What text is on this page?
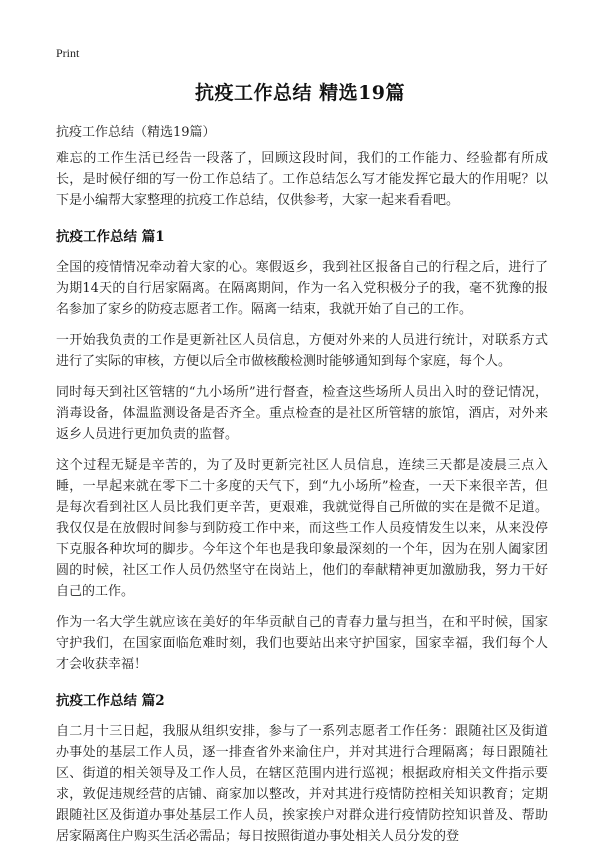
Print
抗疫工作总结 精选19篇
抗疫工作总结（精选19篇）

难忘的工作生活已经告一段落了，回顾这段时间，我们的工作能力、经验都有所成长，是时候仔细的写一份工作总结了。工作总结怎么写才能发挥它最大的作用呢？以下是小编帮大家整理的抗疫工作总结，仅供参考，大家一起来看看吧。

抗疫工作总结 篇1

全国的疫情情况牵动着大家的心。寒假返乡，我到社区报备自己的行程之后，进行了为期14天的自行居家隔离。在隔离期间，作为一名入党积极分子的我，毫不犹豫的报名参加了家乡的防疫志愿者工作。隔离一结束，我就开始了自己的工作。

一开始我负责的工作是更新社区人员信息，方便对外来的人员进行统计，对联系方式进行了实际的审核，方便以后全市做核酸检测时能够通知到每个家庭，每个人。

同时每天到社区管辖的“九小场所”进行督查，检查这些场所人员出入时的登记情况，消毒设备，体温监测设备是否齐全。重点检查的是社区所管辖的旅馆，酒店，对外来返乡人员进行更加负责的监督。

这个过程无疑是辛苦的，为了及时更新完社区人员信息，连续三天都是凌晨三点入睡，一早起来就在零下二十多度的天气下，到“九小场所”检查，一天下来很辛苦，但是每次看到社区人员比我们更辛苦，更艰难，我就觉得自己所做的实在是微不足道。我仅仅是在放假时间参与到防疫工作中来，而这些工作人员疫情发生以来，从来没停下克服各种坎坷的脚步。今年这个年也是我印象最深刻的一个年，因为在别人阖家团圆的时候，社区工作人员仍然坚守在岗站上，他们的奉献精神更加激励我，努力干好自己的工作。

作为一名大学生就应该在美好的年华贡献自己的青春力量与担当，在和平时候，国家守护我们，在国家面临危难时刻，我们也要站出来守护国家，国家幸福，我们每个人才会收获幸福！

抗疫工作总结 篇2

自二月十三日起，我服从组织安排，参与了一系列志愿者工作任务：跟随社区及街道办事处的基层工作人员，逐一排查省外来渝住户，并对其进行合理隔离；每日跟随社区、街道的相关领导及工作人员，在辖区范围内进行巡视；根据政府相关文件指示要求，敦促违规经营的店铺、商家加以整改，并对其进行疫情防控相关知识教育；定期跟随社区及街道办事处基层工作人员，挨家挨户对群众进行疫情防控知识普及、帮助居家隔离住户购买生活必需品；每日按照街道办事处相关人员分发的登
